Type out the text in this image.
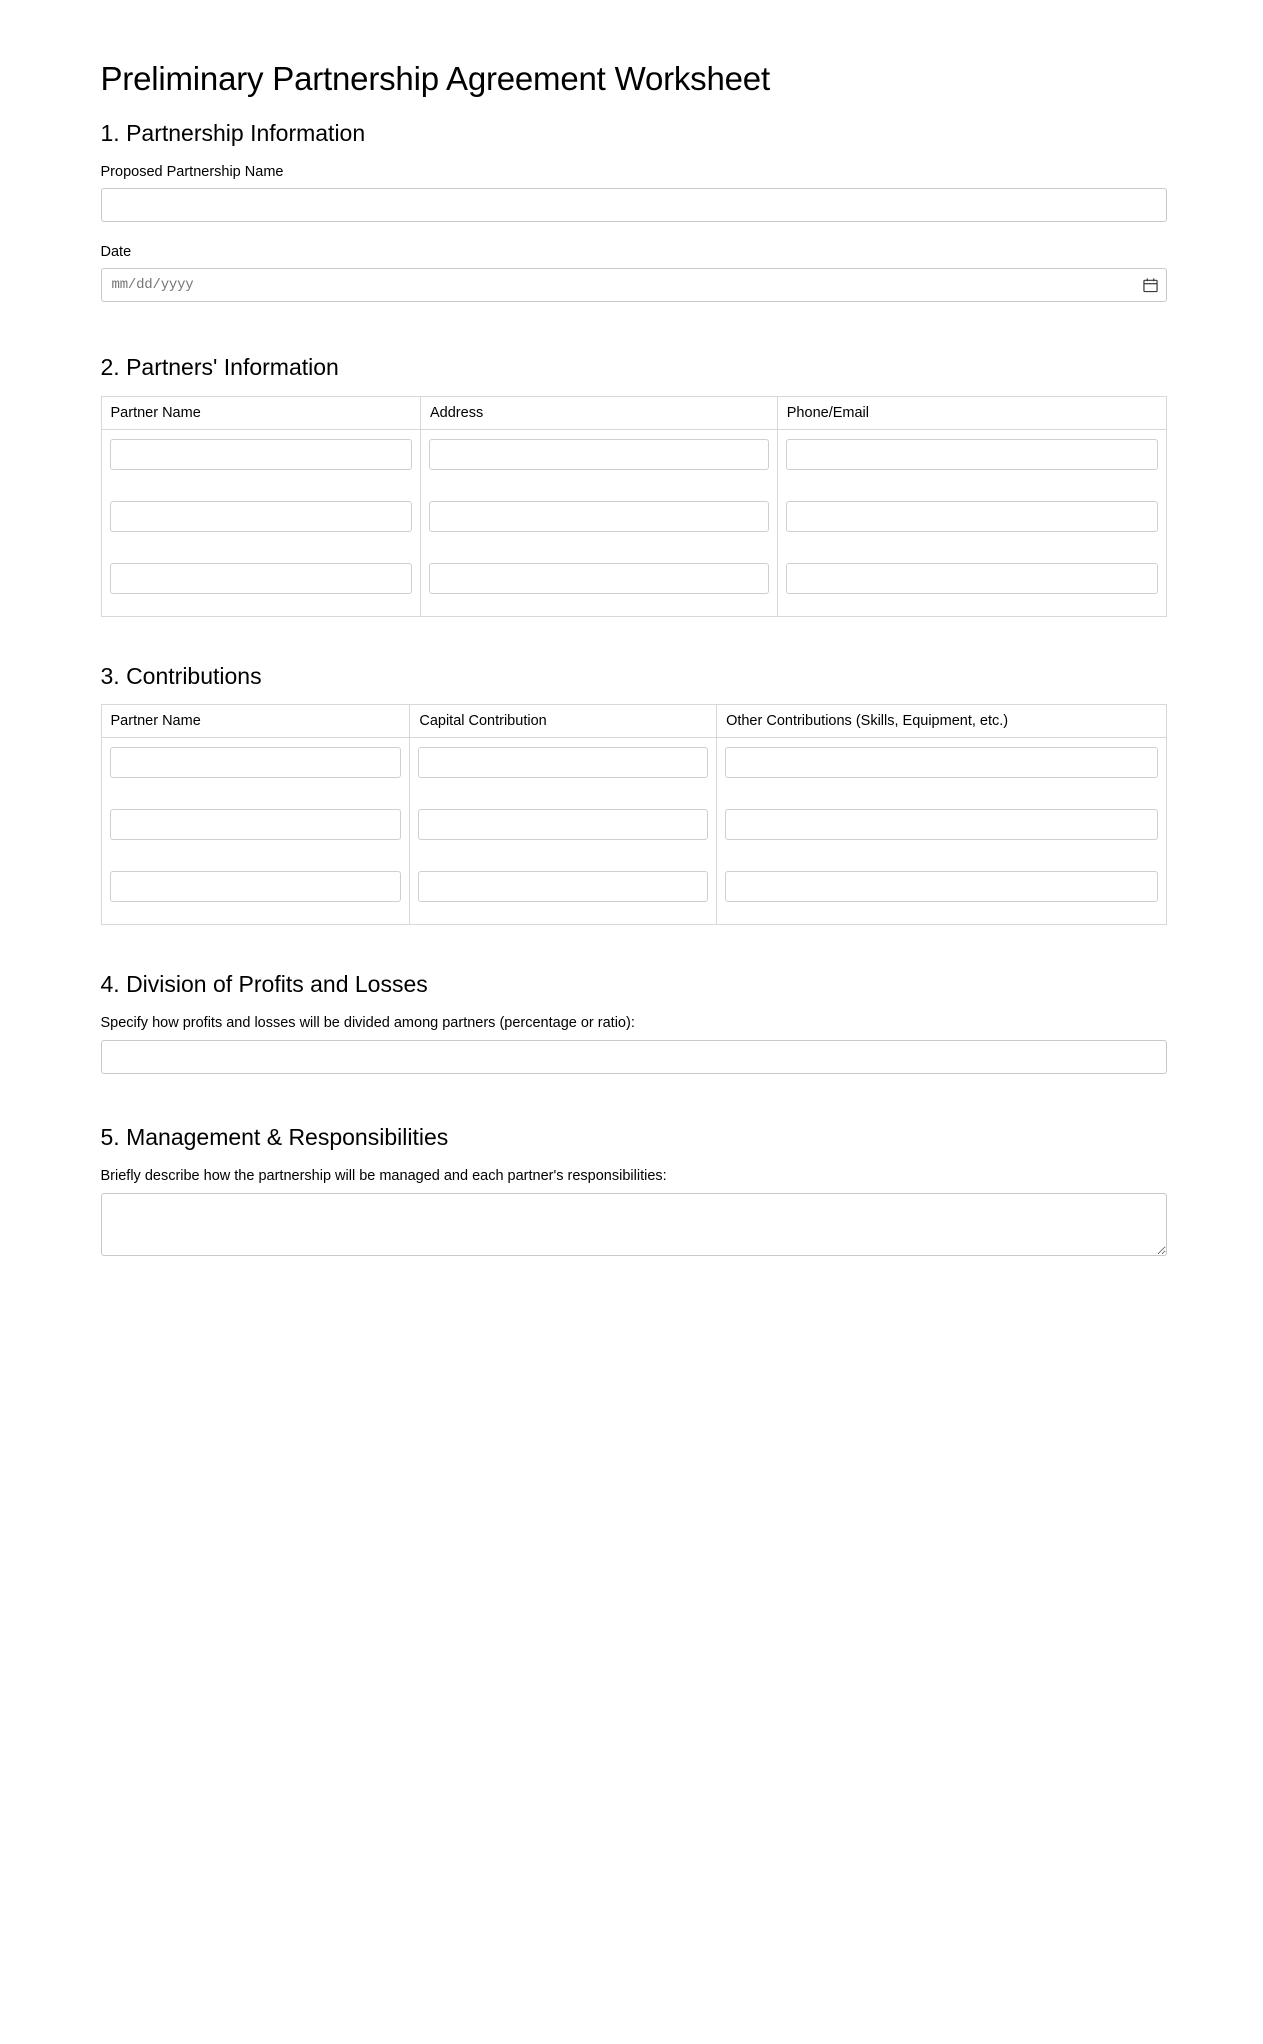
Preliminary Partnership Agreement Worksheet
1. Partnership Information
Proposed Partnership Name
Date
mm/dd/yyyy
2. Partners' Information
Partner Name	Address	Phone/Email

3. Contributions
Partner Name	Capital Contribution	Other Contributions (Skills, Equipment, etc.)

4. Division of Profits and Losses
Specify how profits and losses will be divided among partners (percentage or ratio):
5. Management & Responsibilities
Briefly describe how the partnership will be managed and each partner's responsibilities:
